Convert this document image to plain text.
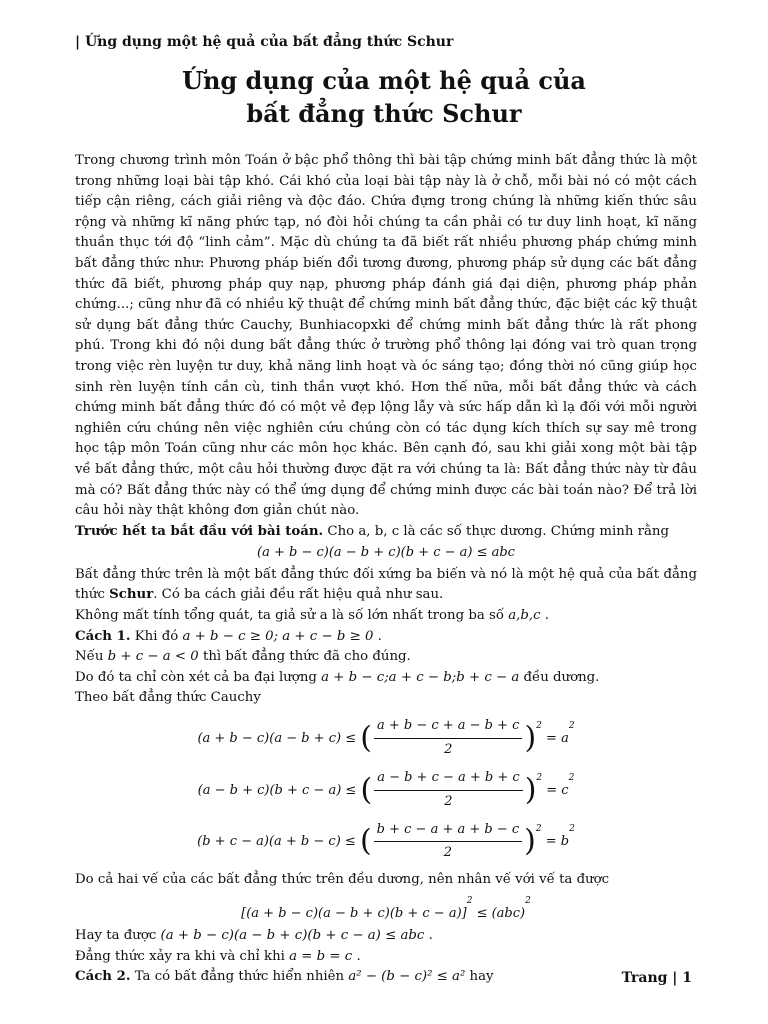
| Ứng dụng một hệ quả của bất đẳng thức Schur
Ứng dụng của một hệ quả của
bất đẳng thức Schur

Trong chương trình môn Toán ở bậc phổ thông thì bài tập chứng minh bất đẳng thức là một trong những loại bài tập khó. Cái khó của loại bài tập này là ở chỗ, mỗi bài nó có một cách tiếp cận riêng, cách giải riêng và độc đáo. Chứa đựng trong chúng là những kiến thức sâu rộng và những kĩ năng phức tạp, nó đòi hỏi chúng ta cần phải có tư duy linh hoạt, kĩ năng thuần thục tới độ “linh cảm”. Mặc dù chúng ta đã biết rất nhiều phương pháp chứng minh bất đẳng thức như: Phương pháp biến đổi tương đương, phương pháp sử dụng các bất đẳng thức đã biết, phương pháp quy nạp, phương pháp đánh giá đại diện, phương pháp phản chứng...; cũng như đã có nhiều kỹ thuật để chứng minh bất đẳng thức, đặc biệt các kỹ thuật sử dụng bất đẳng thức Cauchy, Bunhiacopxki để chứng minh bất đẳng thức là rất phong phú. Trong khi đó nội dung bất đẳng thức ở trường phổ thông lại đóng vai trò quan trọng trong việc rèn luyện tư duy, khả năng linh hoạt và óc sáng tạo; đồng thời nó cũng giúp học sinh rèn luyện tính cần cù, tinh thần vượt khó. Hơn thế nữa, mỗi bất đẳng thức và cách chứng minh bất đẳng thức đó có một vẻ đẹp lộng lẫy và sức hấp dẫn kì lạ đối với mỗi người nghiên cứu chúng nên việc nghiên cứu chúng còn có tác dụng kích thích sự say mê trong học tập môn Toán cũng như các môn học khác. Bên cạnh đó, sau khi giải xong một bài tập về bất đẳng thức, một câu hỏi thường được đặt ra với chúng ta là: Bất đẳng thức này từ đâu mà có? Bất đẳng thức này có thể ứng dụng để chứng minh được các bài toán nào? Để trả lời câu hỏi này thật không đơn giản chút nào.

Trước hết ta bắt đầu với bài toán. Cho a, b, c là các số thực dương. Chứng minh rằng

(a + b − c)(a − b + c)(b + c − a) ≤ abc

Bất đẳng thức trên là một bất đẳng thức đối xứng ba biến và nó là một hệ quả của bất đẳng thức Schur. Có ba cách giải đều rất hiệu quả như sau.

Không mất tính tổng quát, ta giả sử a là số lớn nhất trong ba số a,b,c .

Cách 1. Khi đó a + b − c ≥ 0; a + c − b ≥ 0 .

Nếu b + c − a < 0 thì bất đẳng thức đã cho đúng.

Do đó ta chỉ còn xét cả ba đại lượng a + b − c;a + c − b;b + c − a đều dương.

Theo bất đẳng thức Cauchy

(a + b − c)(a − b + c) ≤ ( $\frac{a + b - c + a - b + c}{2} )^2 = a^2$
(a − b + c)(b + c − a) ≤ ( $\frac{a - b + c - a + b + c}{2} )^2 = c^2$
(b + c − a)(a + b − c) ≤ ( $\frac{b + c - a + a + b - c}{2} )^2 = b^2$

Do cả hai vế của các bất đẳng thức trên đều dương, nên nhân vế với vế ta được

$[(a + b - c)(a - b + c)(b + c - a)]^2 \le (abc)^2$

Hay ta được (a + b − c)(a − b + c)(b + c − a) ≤ abc .

Đẳng thức xảy ra khi và chỉ khi a = b = c .

Cách 2. Ta có bất đẳng thức hiển nhiên a² − (b − c)² ≤ a² hay	Trang | 1
